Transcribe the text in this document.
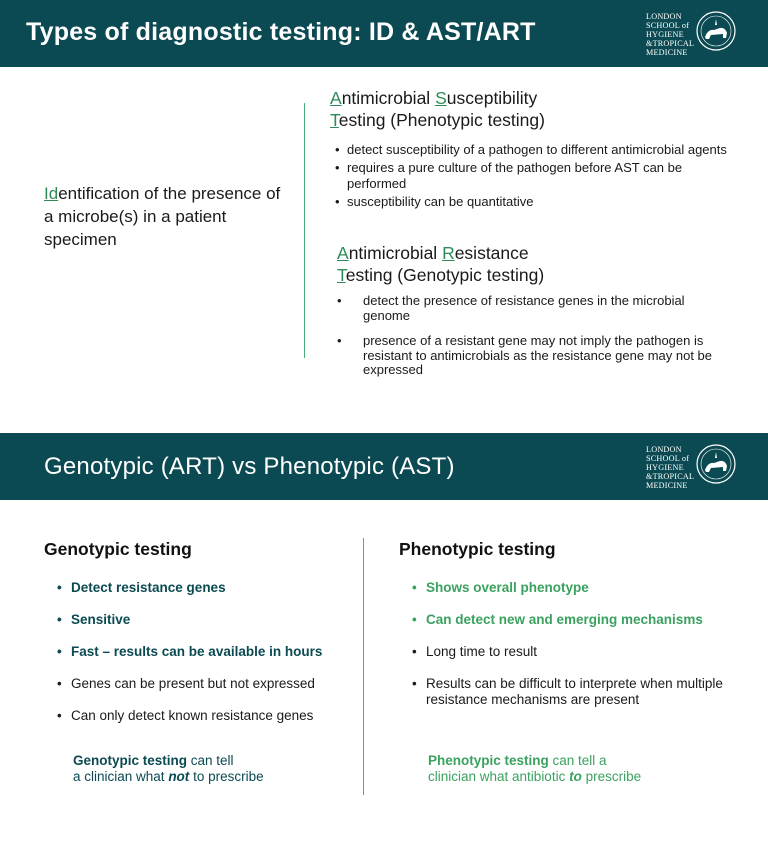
Types of diagnostic testing: ID & AST/ART
LONDON
SCHOOL of
HYGIENE
&TROPICAL
MEDICINE
Identification of the presence of a microbe(s) in a patient specimen
Antimicrobial Susceptibility
Testing (Phenotypic testing)
• detect susceptibility of a pathogen to different antimicrobial agents
• requires a pure culture of the pathogen before AST can be performed
• susceptibility can be quantitative
Antimicrobial Resistance
Testing (Genotypic testing)
• detect the presence of resistance genes in the microbial genome
• presence of a resistant gene may not imply the pathogen is resistant to antimicrobials as the resistance gene may not be expressed
Genotypic (ART) vs Phenotypic (AST)
LONDON
SCHOOL of
HYGIENE
&TROPICAL
MEDICINE
Genotypic testing
• Detect resistance genes
• Sensitive
• Fast – results can be available in hours
• Genes can be present but not expressed
• Can only detect known resistance genes
Genotypic testing can tell
a clinician what not to prescribe
Phenotypic testing
• Shows overall phenotype
• Can detect new and emerging mechanisms
• Long time to result
• Results can be difficult to interprete when multiple resistance mechanisms are present
Phenotypic testing can tell a
clinician what antibiotic to prescribe
